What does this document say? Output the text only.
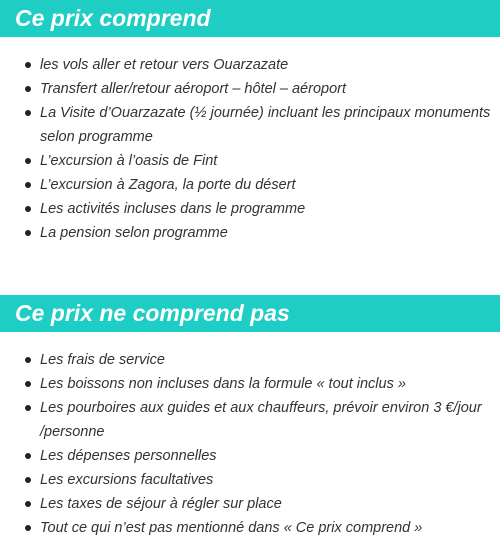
Ce prix comprend
les vols aller et retour vers Ouarzazate
Transfert aller/retour aéroport – hôtel – aéroport
La Visite d’Ouarzazate (½ journée) incluant les principaux monuments selon programme
L’excursion à l’oasis de Fint
L’excursion à Zagora, la porte du désert
Les activités incluses dans le programme
La pension selon programme
Ce prix ne comprend pas
Les frais de service
Les boissons non incluses dans la formule « tout inclus »
Les pourboires aux guides et aux chauffeurs, prévoir environ 3 €/jour /personne
Les dépenses personnelles
Les excursions facultatives
Les taxes de séjour à régler sur place
Tout ce qui n’est pas mentionné dans « Ce prix comprend »
